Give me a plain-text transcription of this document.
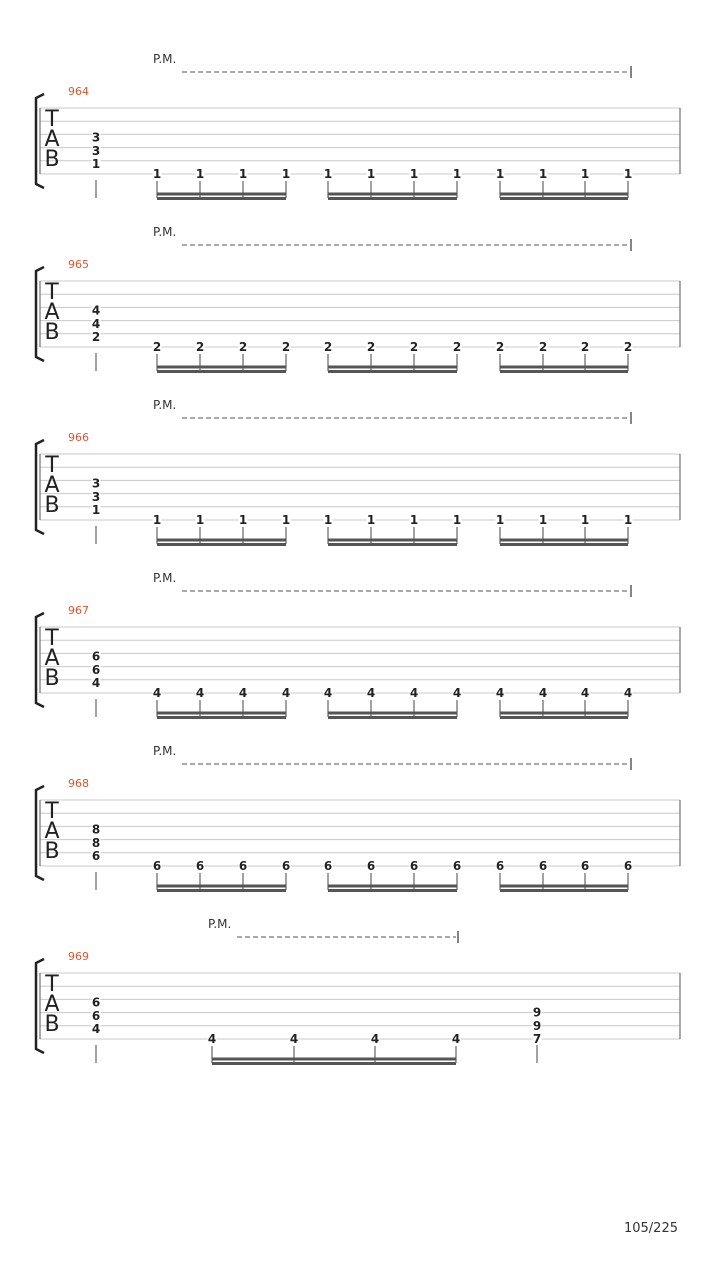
P.M.
964
T
A
B
3
3
1
1	1	1	1	1	1	1	1	1	1	1	1
P.M.
965
T
A
B
4
4
2
2	2	2	2	2	2	2	2	2	2	2	2
P.M.
966
T
A
B
3
3
1
1	1	1	1	1	1	1	1	1	1	1	1
P.M.
967
T
A
B
6
6
4
4	4	4	4	4	4	4	4	4	4	4	4
P.M.
968
T
A
B
8
8
6
6	6	6	6	6	6	6	6	6	6	6	6
P.M.
969
T
A
B
6
6
4
4	4	4	4
9
9
7
105/225
